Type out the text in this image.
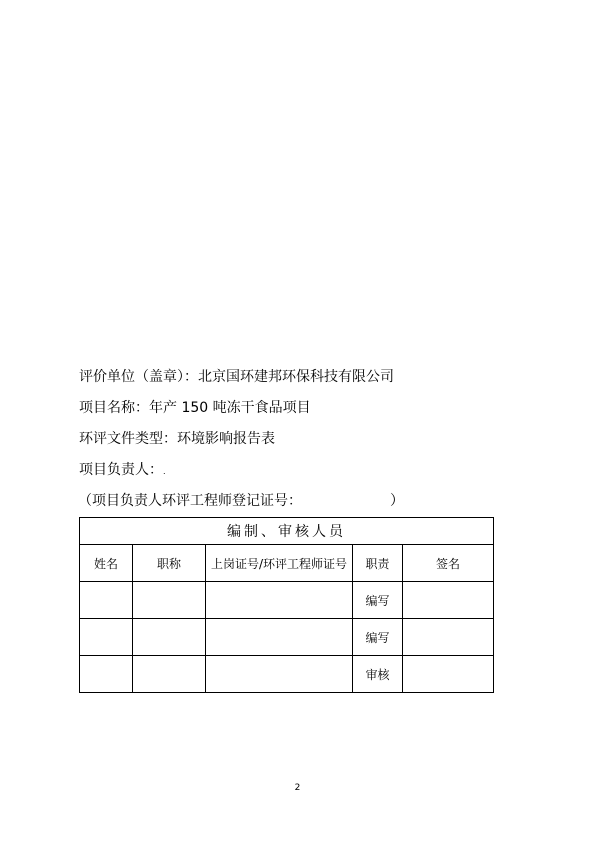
评价单位（盖章）：北京国环建邦环保科技有限公司
项目名称：年产 150 吨冻干食品项目
环评文件类型：环境影响报告表
项目负责人：.
（项目负责人环评工程师登记证号：	）
编制、审核人员				
姓名	职称	上岗证号/环评工程师证号	职责	签名
			编写	
			编写	
			审核	
2
